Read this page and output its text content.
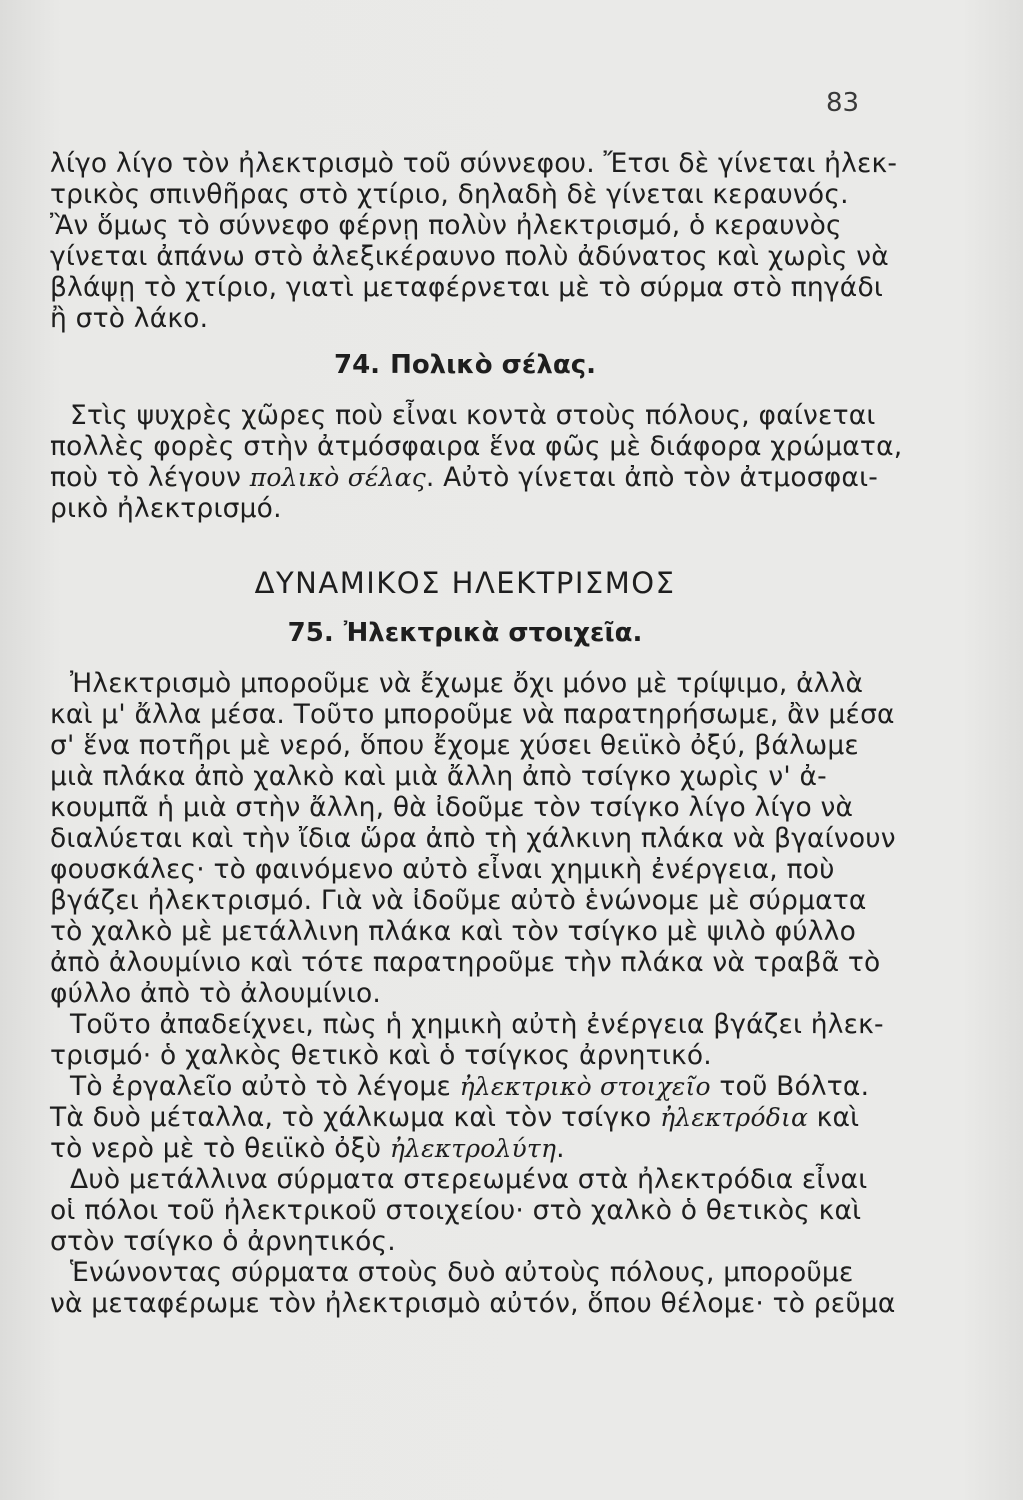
83
λίγο λίγο τὸν ἠλεκτρισμὸ τοῦ σύννεφου. Ἔτσι δὲ γίνεται ἠλεκ-
τρικὸς σπινθῆρας στὸ χτίριο, δηλαδὴ δὲ γίνεται κεραυνός.
Ἂν ὅμως τὸ σύννεφο φέρνῃ πολὺν ἠλεκτρισμό, ὁ κεραυνὸς
γίνεται ἀπάνω στὸ ἀλεξικέραυνο πολὺ ἀδύνατος καὶ χωρὶς νὰ
βλάψῃ τὸ χτίριο, γιατὶ μεταφέρνεται μὲ τὸ σύρμα στὸ πηγάδι
ἢ στὸ λάκο.
74. Πολικὸ σέλας.
Στὶς ψυχρὲς χῶρες ποὺ εἶναι κοντὰ στοὺς πόλους, φαίνεται
πολλὲς φορὲς στὴν ἀτμόσφαιρα ἕνα φῶς μὲ διάφορα χρώματα,
ποὺ τὸ λέγουν πολικὸ σέλας. Αὐτὸ γίνεται ἀπὸ τὸν ἀτμοσφαι-
ρικὸ ἠλεκτρισμό.
ΔΥΝΑΜΙΚΟΣ ΗΛΕΚΤΡΙΣΜΟΣ
75. Ἠλεκτρικὰ στοιχεῖα.
Ἠλεκτρισμὸ μποροῦμε νὰ ἔχωμε ὄχι μόνο μὲ τρίψιμο, ἀλλὰ
καὶ μ' ἄλλα μέσα. Τοῦτο μποροῦμε νὰ παρατηρήσωμε, ἂν μέσα
σ' ἕνα ποτῆρι μὲ νερό, ὅπου ἔχομε χύσει θειϊκὸ ὀξύ, βάλωμε
μιὰ πλάκα ἀπὸ χαλκὸ καὶ μιὰ ἄλλη ἀπὸ τσίγκο χωρὶς ν' ἀ-
κουμπᾶ ἡ μιὰ στὴν ἄλλη, θὰ ἰδοῦμε τὸν τσίγκο λίγο λίγο νὰ
διαλύεται καὶ τὴν ἴδια ὥρα ἀπὸ τὴ χάλκινη πλάκα νὰ βγαίνουν
φουσκάλες· τὸ φαινόμενο αὐτὸ εἶναι χημικὴ ἐνέργεια, ποὺ
βγάζει ἠλεκτρισμό. Γιὰ νὰ ἰδοῦμε αὐτὸ ἑνώνομε μὲ σύρματα
τὸ χαλκὸ μὲ μετάλλινη πλάκα καὶ τὸν τσίγκο μὲ ψιλὸ φύλλο
ἀπὸ ἀλουμίνιο καὶ τότε παρατηροῦμε τὴν πλάκα νὰ τραβᾶ τὸ
φύλλο ἀπὸ τὸ ἀλουμίνιο.
Τοῦτο ἀπαδείχνει, πὼς ἡ χημικὴ αὐτὴ ἐνέργεια βγάζει ἠλεκ-
τρισμό· ὁ χαλκὸς θετικὸ καὶ ὁ τσίγκος ἀρνητικό.
Τὸ ἐργαλεῖο αὐτὸ τὸ λέγομε ἠλεκτρικὸ στοιχεῖο τοῦ Βόλτα.
Τὰ δυὸ μέταλλα, τὸ χάλκωμα καὶ τὸν τσίγκο ἠλεκτρόδια καὶ
τὸ νερὸ μὲ τὸ θειϊκὸ ὀξὺ ἠλεκτρολύτη.
Δυὸ μετάλλινα σύρματα στερεωμένα στὰ ἠλεκτρόδια εἶναι
οἱ πόλοι τοῦ ἠλεκτρικοῦ στοιχείου· στὸ χαλκὸ ὁ θετικὸς καὶ
στὸν τσίγκο ὁ ἀρνητικός.
Ἑνώνοντας σύρματα στοὺς δυὸ αὐτοὺς πόλους, μποροῦμε
νὰ μεταφέρωμε τὸν ἠλεκτρισμὸ αὐτόν, ὅπου θέλομε· τὸ ρεῦμα
